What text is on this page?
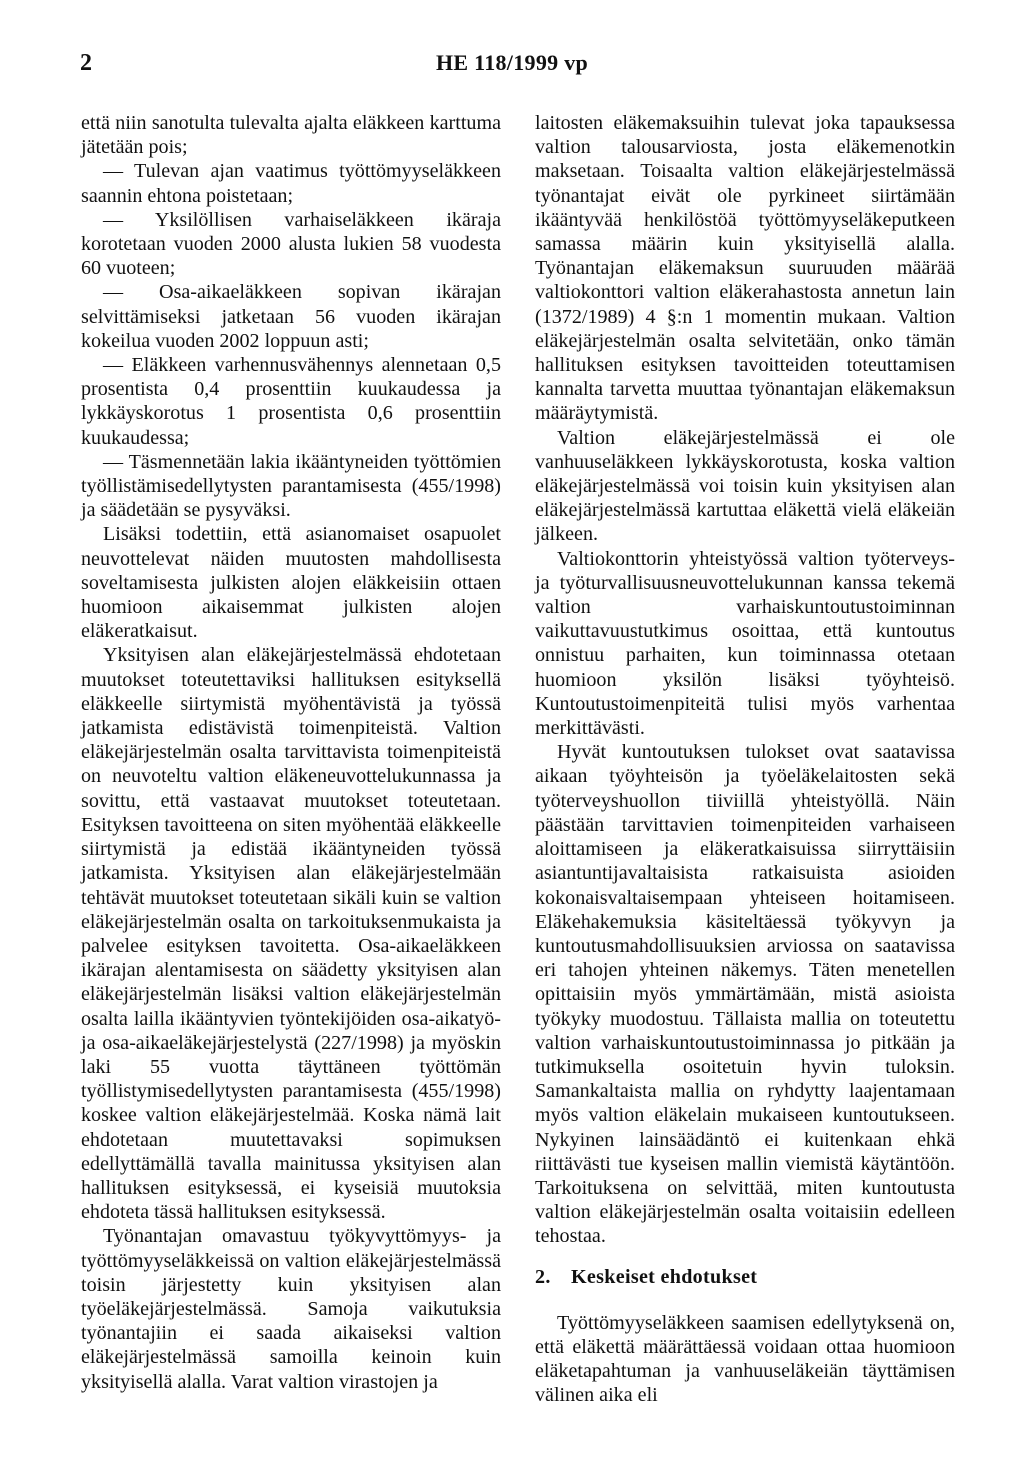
2	HE 118/1999 vp

että niin sanotulta tulevalta ajalta eläkkeen karttuma jätetään pois;

— Tulevan ajan vaatimus työttömyyseläkkeen saannin ehtona poistetaan;

— Yksilöllisen varhaiseläkkeen ikäraja korotetaan vuoden 2000 alusta lukien 58 vuodesta 60 vuoteen;

— Osa-aikaeläkkeen sopivan ikärajan selvittämiseksi jatketaan 56 vuoden ikärajan kokeilua vuoden 2002 loppuun asti;

— Eläkkeen varhennusvähennys alennetaan 0,5 prosentista 0,4 prosenttiin kuukaudessa ja lykkäyskorotus 1 prosentista 0,6 prosenttiin kuukaudessa;

— Täsmennetään lakia ikääntyneiden työttömien työllistämisedellytysten parantamisesta (455/1998) ja säädetään se pysyväksi.

Lisäksi todettiin, että asianomaiset osapuolet neuvottelevat näiden muutosten mahdollisesta soveltamisesta julkisten alojen eläkkeisiin ottaen huomioon aikaisemmat julkisten alojen eläkeratkaisut.

Yksityisen alan eläkejärjestelmässä ehdotetaan muutokset toteutettaviksi hallituksen esityksellä eläkkeelle siirtymistä myöhentävistä ja työssä jatkamista edistävistä toimenpiteistä. Valtion eläkejärjestelmän osalta tarvittavista toimenpiteistä on neuvoteltu valtion eläkeneuvottelukunnassa ja sovittu, että vastaavat muutokset toteutetaan. Esityksen tavoitteena on siten myöhentää eläkkeelle siirtymistä ja edistää ikääntyneiden työssä jatkamista. Yksityisen alan eläkejärjestelmään tehtävät muutokset toteutetaan sikäli kuin se valtion eläkejärjestelmän osalta on tarkoituksenmukaista ja palvelee esityksen tavoitetta. Osa-aikaeläkkeen ikärajan alentamisesta on säädetty yksityisen alan eläkejärjestelmän lisäksi valtion eläkejärjestelmän osalta lailla ikääntyvien työntekijöiden osa-aikatyö- ja osa-aikaeläkejärjestelystä (227/1998) ja myöskin laki 55 vuotta täyttäneen työttömän työllistymisedellytysten parantamisesta (455/1998) koskee valtion eläkejärjestelmää. Koska nämä lait ehdotetaan muutettavaksi sopimuksen edellyttämällä tavalla mainitussa yksityisen alan hallituksen esityksessä, ei kyseisiä muutoksia ehdoteta tässä hallituksen esityksessä.

Työnantajan omavastuu työkyvyttömyys- ja työttömyyseläkkeissä on valtion eläkejärjestelmässä toisin järjestetty kuin yksityisen alan työeläkejärjestelmässä. Samoja vaikutuksia työnantajiin ei saada aikaiseksi valtion eläkejärjestelmässä samoilla keinoin kuin yksityisellä alalla. Varat valtion virastojen ja

laitosten eläkemaksuihin tulevat joka tapauksessa valtion talousarviosta, josta eläkemenotkin maksetaan. Toisaalta valtion eläkejärjestelmässä työnantajat eivät ole pyrkineet siirtämään ikääntyvää henkilöstöä työttömyyseläkeputkeen samassa määrin kuin yksityisellä alalla. Työnantajan eläkemaksun suuruuden määrää valtiokonttori valtion eläkerahastosta annetun lain (1372/1989) 4 §:n 1 momentin mukaan. Valtion eläkejärjestelmän osalta selvitetään, onko tämän hallituksen esityksen tavoitteiden toteuttamisen kannalta tarvetta muuttaa työnantajan eläkemaksun määräytymistä.

Valtion eläkejärjestelmässä ei ole vanhuuseläkkeen lykkäyskorotusta, koska valtion eläkejärjestelmässä voi toisin kuin yksityisen alan eläkejärjestelmässä kartuttaa eläkettä vielä eläkeiän jälkeen.

Valtiokonttorin yhteistyössä valtion työterveys- ja työturvallisuusneuvottelukunnan kanssa tekemä valtion varhaiskuntoutustoiminnan vaikuttavuustutkimus osoittaa, että kuntoutus onnistuu parhaiten, kun toiminnassa otetaan huomioon yksilön lisäksi työyhteisö. Kuntoutustoimenpiteitä tulisi myös varhentaa merkittävästi.

Hyvät kuntoutuksen tulokset ovat saatavissa aikaan työyhteisön ja työeläkelaitosten sekä työterveyshuollon tiiviillä yhteistyöllä. Näin päästään tarvittavien toimenpiteiden varhaiseen aloittamiseen ja eläkeratkaisuissa siirryttäisiin asiantuntijavaltaisista ratkaisuista asioiden kokonaisvaltaisempaan yhteiseen hoitamiseen. Eläkehakemuksia käsiteltäessä työkyvyn ja kuntoutusmahdollisuuksien arviossa on saatavissa eri tahojen yhteinen näkemys. Täten menetellen opittaisiin myös ymmärtämään, mistä asioista työkyky muodostuu. Tällaista mallia on toteutettu valtion varhaiskuntoutustoiminnassa jo pitkään ja tutkimuksella osoitetuin hyvin tuloksin. Samankaltaista mallia on ryhdytty laajentamaan myös valtion eläkelain mukaiseen kuntoutukseen. Nykyinen lainsäädäntö ei kuitenkaan ehkä riittävästi tue kyseisen mallin viemistä käytäntöön. Tarkoituksena on selvittää, miten kuntoutusta valtion eläkejärjestelmän osalta voitaisiin edelleen tehostaa.

2. Keskeiset ehdotukset

Työttömyyseläkkeen saamisen edellytyksenä on, että eläkettä määrättäessä voidaan ottaa huomioon eläketapahtuman ja vanhuuseläkeiän täyttämisen välinen aika eli
